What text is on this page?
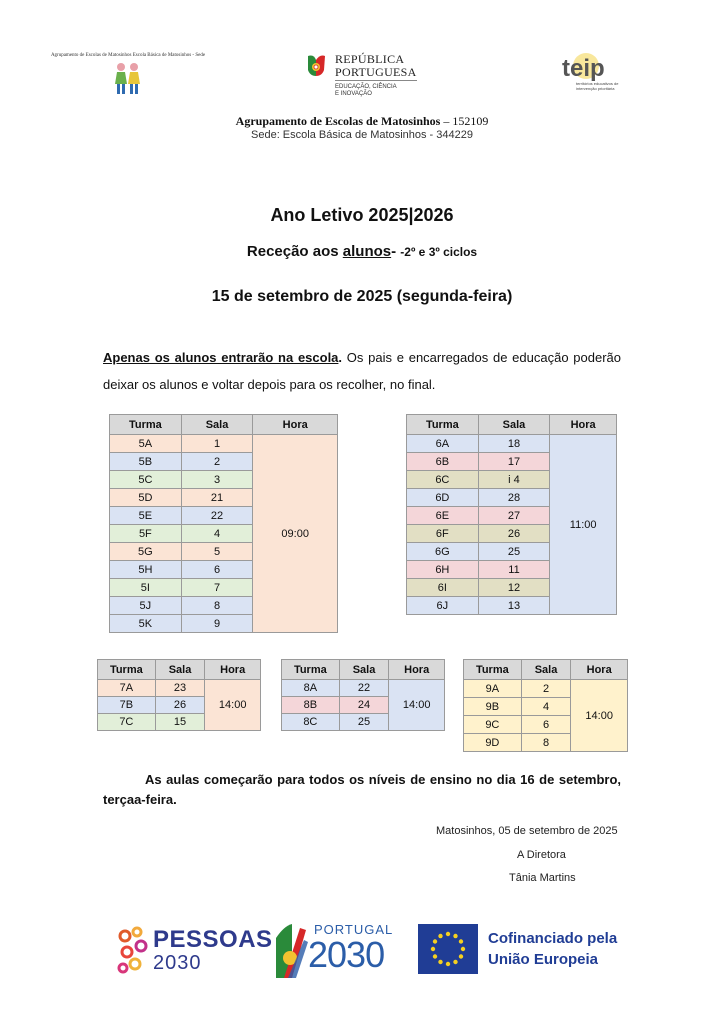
Agrupamento de Escolas de Matosinhos Escola Básica de Matosinhos - Sede	REPÚBLICA
PORTUGUESA
EDUCAÇÃO, CIÊNCIA
E INOVAÇÃO
teip
territórios educativos de intervenção prioritária
Agrupamento de Escolas de Matosinhos – 152109
Sede: Escola Básica de Matosinhos - 344229
Ano Letivo 2025|2026
Receção aos alunos- -2º e 3º ciclos
15 de setembro de 2025 (segunda-feira)
Apenas os alunos entrarão na escola. Os pais e encarregados de educação poderão deixar os alunos e voltar depois para os recolher, no final.
Turma	Sala	Hora
5A	1	09:00
5B	2	
5C	3	
5D	21	
5E	22	
5F	4	
5G	5	
5H	6	
5I	7	
5J	8	
5K	9	
Turma	Sala	Hora
6A	18	11:00
6B	17	
6C	i 4	
6D	28	
6E	27	
6F	26	
6G	25	
6H	11	
6I	12	
6J	13	
Turma	Sala	Hora
7A	23	14:00
7B	26	
7C	15	
Turma	Sala	Hora
8A	22	14:00
8B	24	
8C	25	
Turma	Sala	Hora
9A	2	14:00
9B	4	
9C	6	
9D	8	
As aulas começarão para todos os níveis de ensino no dia 16 de setembro, terçaa-feira.
Matosinhos, 05 de setembro de 2025
A Diretora
Tânia Martins
PESSOAS
2030
PORTUGAL
2030	Cofinanciado pela
União Europeia
